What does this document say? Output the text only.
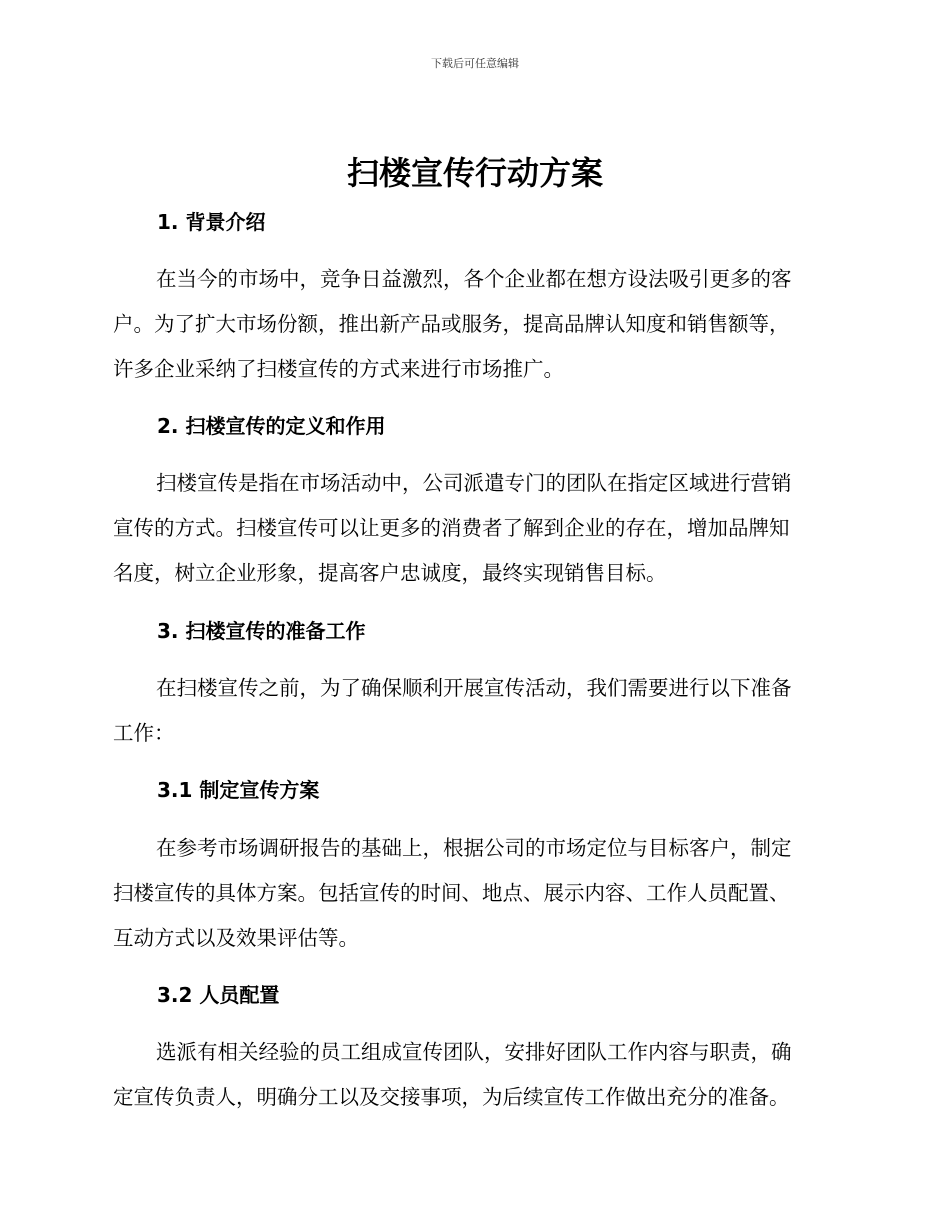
下载后可任意编辑
扫楼宣传行动方案
1. 背景介绍
在当今的市场中，竞争日益激烈，各个企业都在想方设法吸引更多的客
户。为了扩大市场份额，推出新产品或服务，提高品牌认知度和销售额等，
许多企业采纳了扫楼宣传的方式来进行市场推广。
2. 扫楼宣传的定义和作用
扫楼宣传是指在市场活动中，公司派遣专门的团队在指定区域进行营销
宣传的方式。扫楼宣传可以让更多的消费者了解到企业的存在，增加品牌知
名度，树立企业形象，提高客户忠诚度，最终实现销售目标。
3. 扫楼宣传的准备工作
在扫楼宣传之前，为了确保顺利开展宣传活动，我们需要进行以下准备
工作：
3.1 制定宣传方案
在参考市场调研报告的基础上，根据公司的市场定位与目标客户，制定
扫楼宣传的具体方案。包括宣传的时间、地点、展示内容、工作人员配置、
互动方式以及效果评估等。
3.2 人员配置
选派有相关经验的员工组成宣传团队，安排好团队工作内容与职责，确
定宣传负责人，明确分工以及交接事项，为后续宣传工作做出充分的准备。
